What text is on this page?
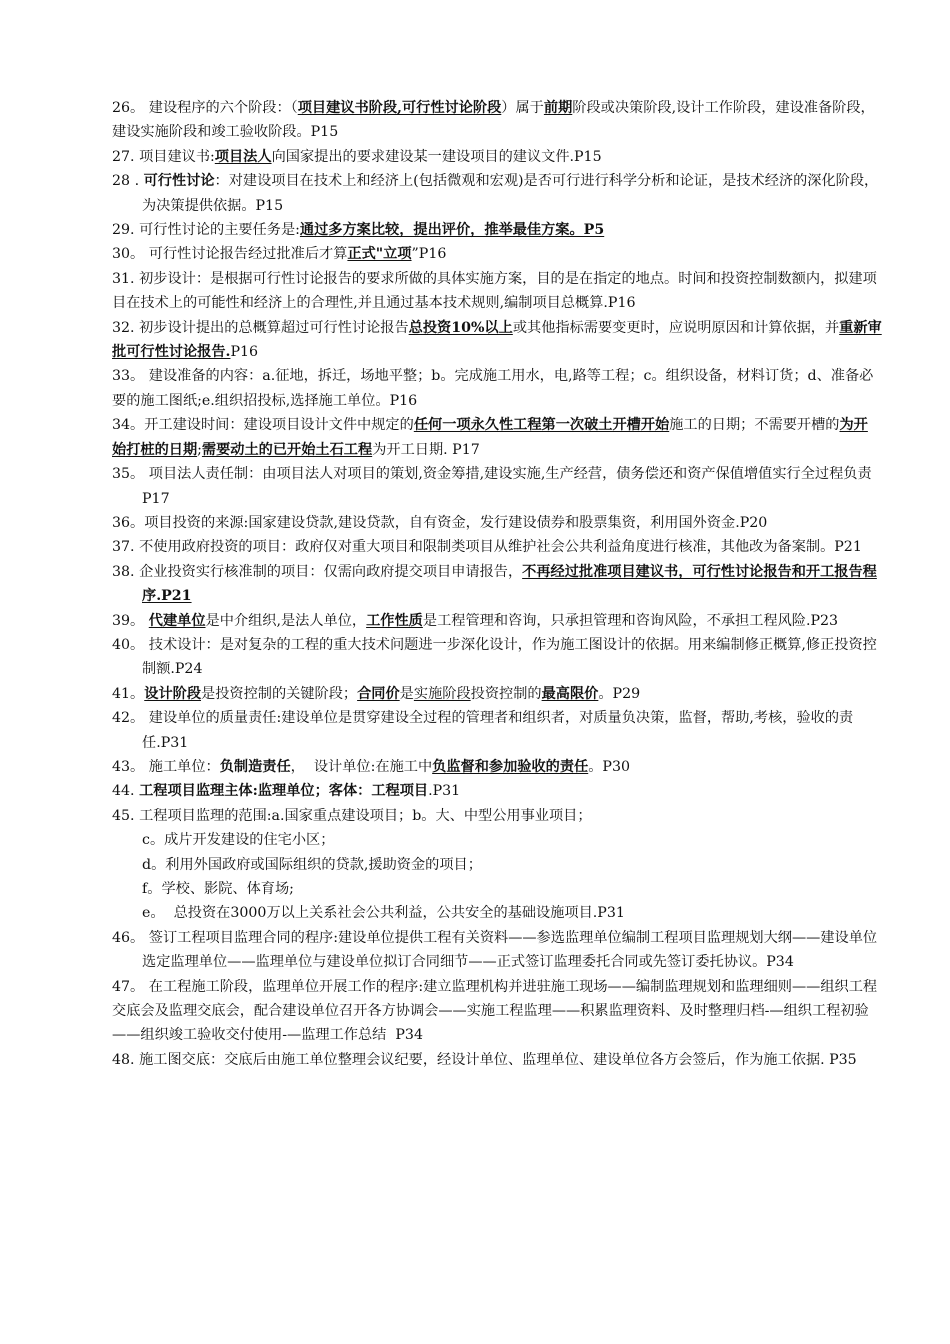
26。 建设程序的六个阶段：（项目建议书阶段,可行性讨论阶段）属于前期阶段或决策阶段,设计工作阶段，建设准备阶段，建设实施阶段和竣工验收阶段。P15

27. 项目建议书:项目法人向国家提出的要求建设某一建设项目的建议文件.P15

28 . 可行性讨论：对建设项目在技术上和经济上(包括微观和宏观)是否可行进行科学分析和论证，是技术经济的深化阶段，为决策提供依据。P15

29. 可行性讨论的主要任务是:通过多方案比较，提出评价，推举最佳方案。P5

30。 可行性讨论报告经过批准后才算正式"立项”P16

31. 初步设计：是根据可行性讨论报告的要求所做的具体实施方案，目的是在指定的地点。时间和投资控制数额内，拟建项目在技术上的可能性和经济上的合理性,并且通过基本技术规则,编制项目总概算.P16

32. 初步设计提出的总概算超过可行性讨论报告总投资10%以上或其他指标需要变更时，应说明原因和计算依据，并重新审批可行性讨论报告.P16

33。 建设准备的内容：a.征地，拆迁，场地平整；b。完成施工用水，电,路等工程；c。组织设备，材料订货；d、准备必要的施工图纸;e.组织招投标,选择施工单位。P16

34。开工建设时间：建设项目设计文件中规定的任何一项永久性工程第一次破土开槽开始施工的日期；不需要开槽的为开始打桩的日期;需要动土的已开始土石工程为开工日期. P17

35。 项目法人责任制：由项目法人对项目的策划,资金筹措,建设实施,生产经营，债务偿还和资产保值增值实行全过程负责P17

36。项目投资的来源:国家建设贷款,建设贷款，自有资金，发行建设债券和股票集资，利用国外资金.P20

37. 不使用政府投资的项目：政府仅对重大项目和限制类项目从维护社会公共利益角度进行核准，其他改为备案制。P21

38. 企业投资实行核准制的项目：仅需向政府提交项目申请报告，不再经过批准项目建议书，可行性讨论报告和开工报告程序.P21

39。 代建单位是中介组织,是法人单位，工作性质是工程管理和咨询，只承担管理和咨询风险，不承担工程风险.P23

40。 技术设计：是对复杂的工程的重大技术问题进一步深化设计，作为施工图设计的依据。用来编制修正概算,修正投资控制额.P24

41。设计阶段是投资控制的关键阶段；合同价是实施阶段投资控制的最高限价。P29

42。 建设单位的质量责任:建设单位是贯穿建设全过程的管理者和组织者，对质量负决策，监督，帮助,考核，验收的责任.P31

43。 施工单位：负制造责任，  设计单位:在施工中负监督和参加验收的责任。P30

44. 工程项目监理主体:监理单位；客体：工程项目.P31

45. 工程项目监理的范围:a.国家重点建设项目；b。大、中型公用事业项目；

c。成片开发建设的住宅小区；

d。利用外国政府或国际组织的贷款,援助资金的项目；

f。学校、影院、体育场;

e。  总投资在3000万以上关系社会公共利益，公共安全的基础设施项目.P31

46。 签订工程项目监理合同的程序:建设单位提供工程有关资料——参选监理单位编制工程项目监理规划大纲——建设单位选定监理单位——监理单位与建设单位拟订合同细节——正式签订监理委托合同或先签订委托协议。P34

47。 在工程施工阶段，监理单位开展工作的程序:建立监理机构并进驻施工现场——编制监理规划和监理细则——组织工程交底会及监理交底会，配合建设单位召开各方协调会——实施工程监理——积累监理资料、及时整理归档-—组织工程初验——组织竣工验收交付使用-—监理工作总结  P34

48. 施工图交底：交底后由施工单位整理会议纪要，经设计单位、监理单位、建设单位各方会签后，作为施工依据. P35
